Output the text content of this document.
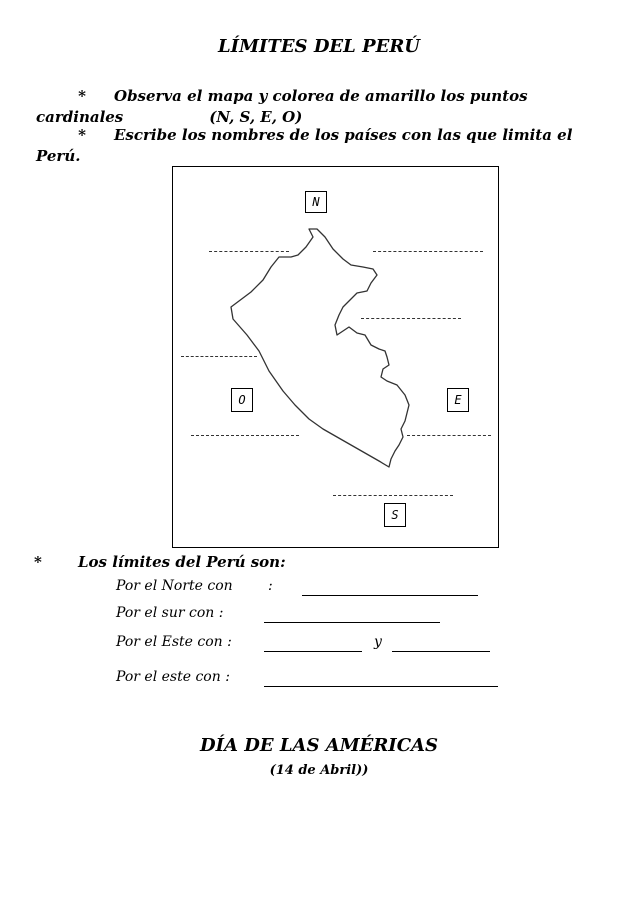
LÍMITES DEL PERÚ
* Observa el mapa y colorea de amarillo los puntos
cardinales	(N, S, E, O)
* Escribe los nombres de los países con las que limita el
Perú.
N
O	E
S
* Los límites del Perú son:
Por el Norte con	:
Por el sur con :
Por el Este con :	y
Por el este con :
DÍA DE LAS AMÉRICAS
(14 de Abril))
